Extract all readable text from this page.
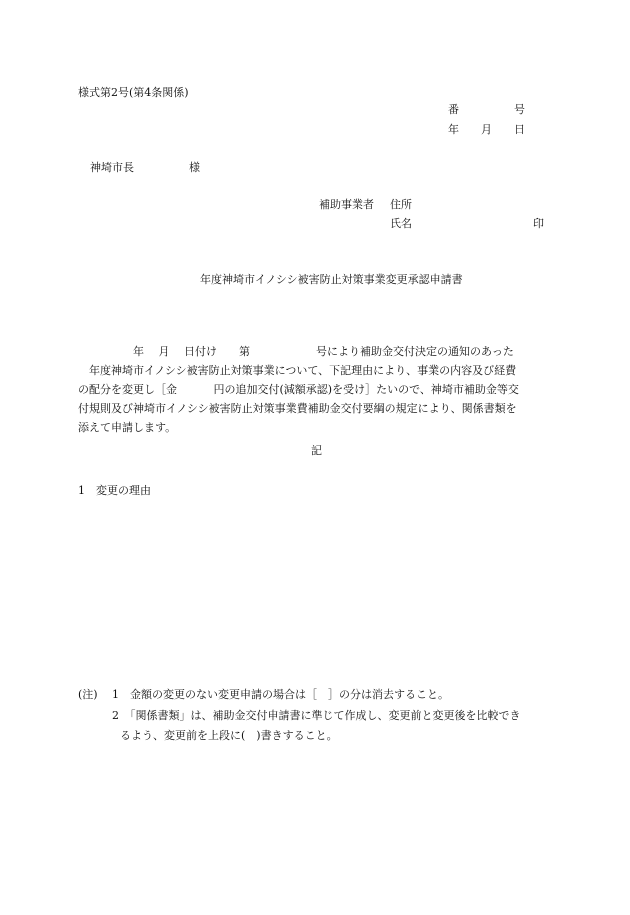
様式第2号(第4条関係)
番　　　　　号
年　　月　　日
神埼市長　　　　　様
補助事業者 住所
氏名	印
年度神埼市イノシシ被害防止対策事業変更承認申請書
　　　　　年　 月　 日付け　　第　　　　　　号により補助金交付決定の通知のあった
　年度神埼市イノシシ被害防止対策事業について、下記理由により、事業の内容及び経費
の配分を変更し［金　　　 円の追加交付(減額承認)を受け］たいので、神埼市補助金等交
付規則及び神埼市イノシシ被害防止対策事業費補助金交付要綱の規定により、関係書類を
添えて申請します。
記
1　変更の理由
(注) 1　金額の変更のない変更申請の場合は［　］の分は消去すること。
2　「関係書類」は、補助金交付申請書に準じて作成し、変更前と変更後を比較でき
るよう、変更前を上段に(　)書きすること。
